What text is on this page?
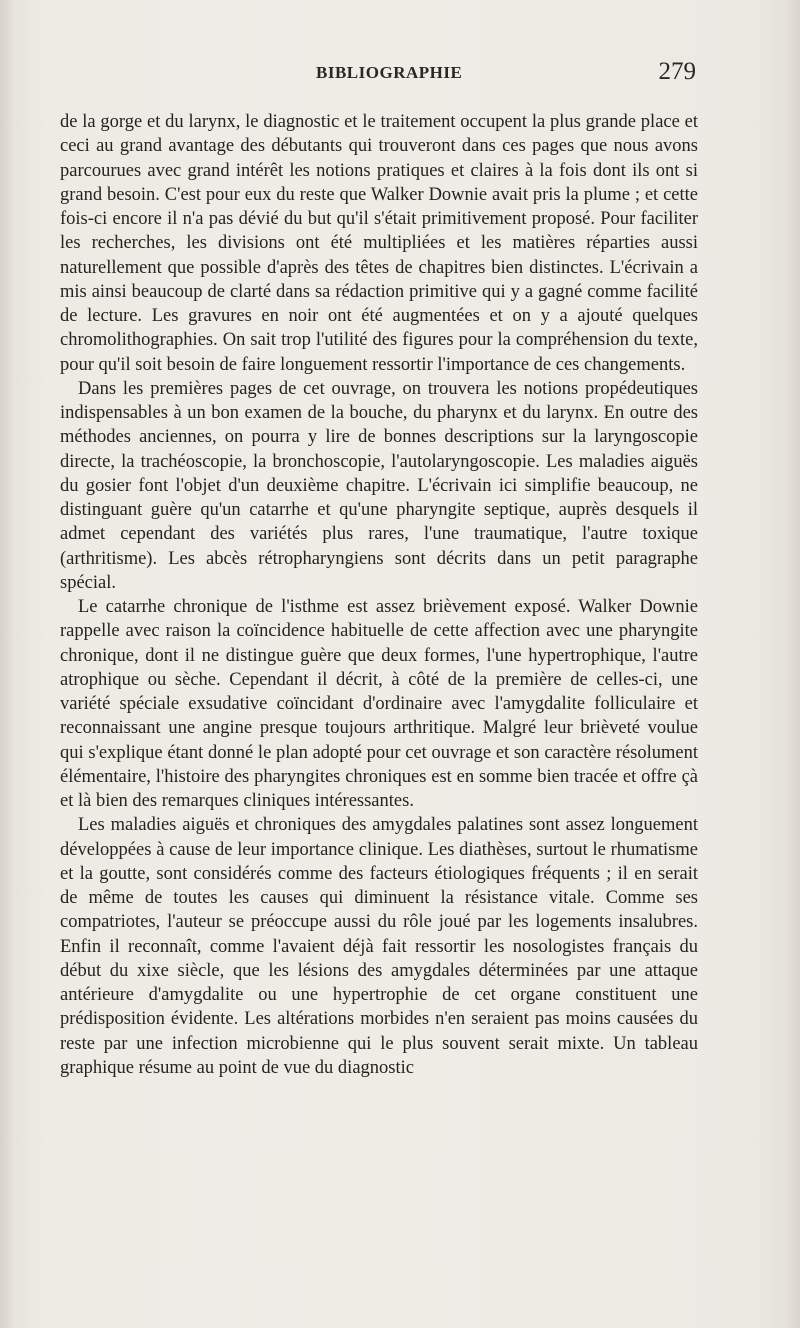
BIBLIOGRAPHIE	279

de la gorge et du larynx, le diagnostic et le traitement occupent la plus grande place et ceci au grand avantage des débutants qui trouveront dans ces pages que nous avons parcourues avec grand intérêt les notions pratiques et claires à la fois dont ils ont si grand besoin. C'est pour eux du reste que Walker Downie avait pris la plume ; et cette fois-ci encore il n'a pas dévié du but qu'il s'était primitivement proposé. Pour faciliter les recherches, les divisions ont été multipliées et les matières réparties aussi naturellement que possible d'après des têtes de chapitres bien distinctes. L'écrivain a mis ainsi beaucoup de clarté dans sa rédaction primitive qui y a gagné comme facilité de lecture. Les gravures en noir ont été augmentées et on y a ajouté quelques chromolithographies. On sait trop l'utilité des figures pour la compréhension du texte, pour qu'il soit besoin de faire longuement ressortir l'importance de ces changements.

Dans les premières pages de cet ouvrage, on trouvera les notions propédeutiques indispensables à un bon examen de la bouche, du pharynx et du larynx. En outre des méthodes anciennes, on pourra y lire de bonnes descriptions sur la laryngoscopie directe, la trachéoscopie, la bronchoscopie, l'autolaryngoscopie. Les maladies aiguës du gosier font l'objet d'un deuxième chapitre. L'écrivain ici simplifie beaucoup, ne distinguant guère qu'un catarrhe et qu'une pharyngite septique, auprès desquels il admet cependant des variétés plus rares, l'une traumatique, l'autre toxique (arthritisme). Les abcès rétropharyngiens sont décrits dans un petit paragraphe spécial.

Le catarrhe chronique de l'isthme est assez brièvement exposé. Walker Downie rappelle avec raison la coïncidence habituelle de cette affection avec une pharyngite chronique, dont il ne distingue guère que deux formes, l'une hypertrophique, l'autre atrophique ou sèche. Cependant il décrit, à côté de la première de celles-ci, une variété spéciale exsudative coïncidant d'ordinaire avec l'amygdalite folliculaire et reconnaissant une angine presque toujours arthritique. Malgré leur brièveté voulue qui s'explique étant donné le plan adopté pour cet ouvrage et son caractère résolument élémentaire, l'histoire des pharyngites chroniques est en somme bien tracée et offre çà et là bien des remarques cliniques intéressantes.

Les maladies aiguës et chroniques des amygdales palatines sont assez longuement développées à cause de leur importance clinique. Les diathèses, surtout le rhumatisme et la goutte, sont considérés comme des facteurs étiologiques fréquents ; il en serait de même de toutes les causes qui diminuent la résistance vitale. Comme ses compatriotes, l'auteur se préoccupe aussi du rôle joué par les logements insalubres. Enfin il reconnaît, comme l'avaient déjà fait ressortir les nosologistes français du début du xixe siècle, que les lésions des amygdales déterminées par une attaque antérieure d'amygdalite ou une hypertrophie de cet organe constituent une prédisposition évidente. Les altérations morbides n'en seraient pas moins causées du reste par une infection microbienne qui le plus souvent serait mixte. Un tableau graphique résume au point de vue du diagnostic
